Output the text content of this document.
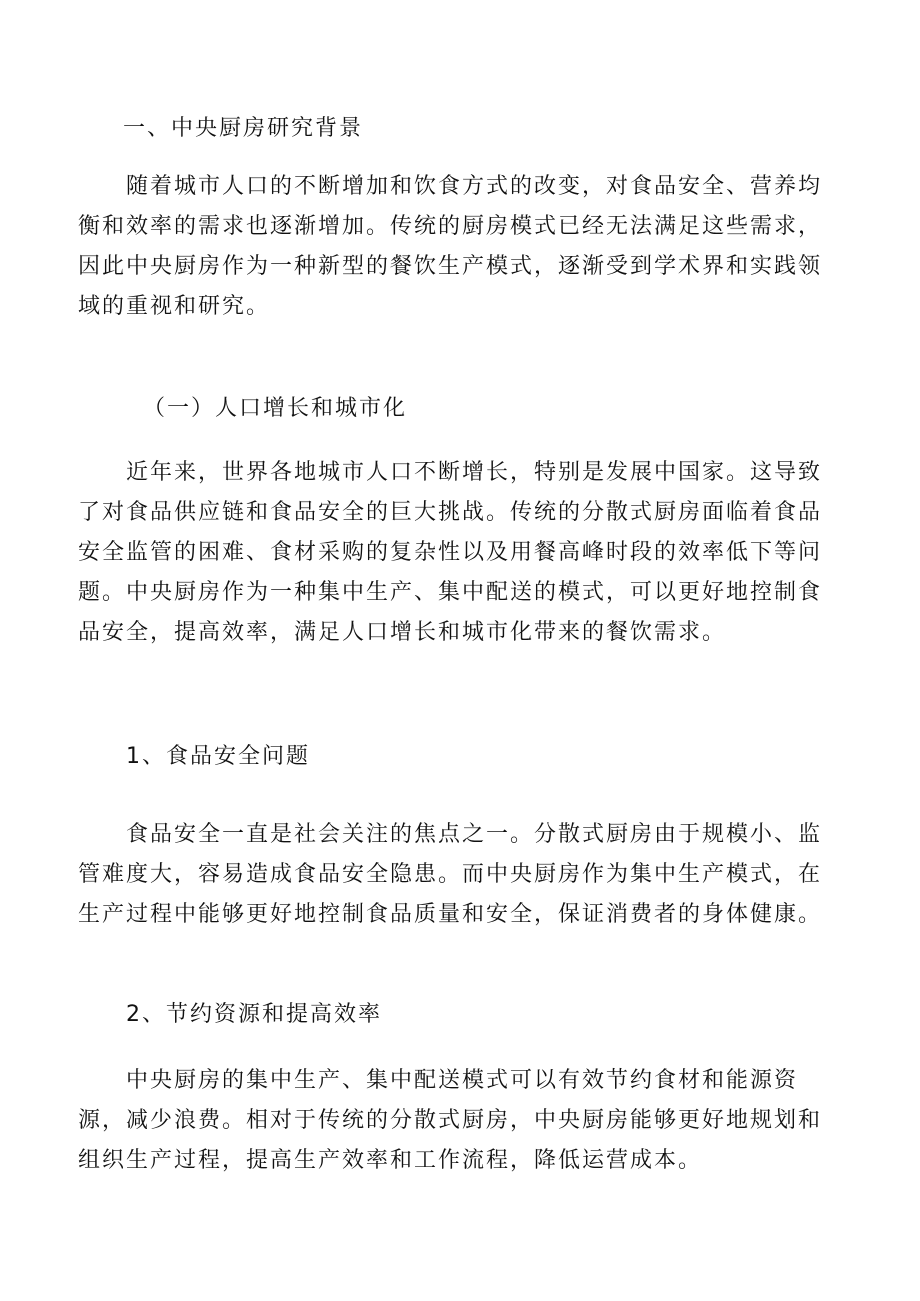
一、中央厨房研究背景

随着城市人口的不断增加和饮食方式的改变，对食品安全、营养均衡和效率的需求也逐渐增加。传统的厨房模式已经无法满足这些需求，因此中央厨房作为一种新型的餐饮生产模式，逐渐受到学术界和实践领域的重视和研究。

（一）人口增长和城市化

近年来，世界各地城市人口不断增长，特别是发展中国家。这导致了对食品供应链和食品安全的巨大挑战。传统的分散式厨房面临着食品安全监管的困难、食材采购的复杂性以及用餐高峰时段的效率低下等问题。中央厨房作为一种集中生产、集中配送的模式，可以更好地控制食品安全，提高效率，满足人口增长和城市化带来的餐饮需求。

1、食品安全问题

食品安全一直是社会关注的焦点之一。分散式厨房由于规模小、监管难度大，容易造成食品安全隐患。而中央厨房作为集中生产模式，在生产过程中能够更好地控制食品质量和安全，保证消费者的身体健康。

2、节约资源和提高效率

中央厨房的集中生产、集中配送模式可以有效节约食材和能源资源，减少浪费。相对于传统的分散式厨房，中央厨房能够更好地规划和组织生产过程，提高生产效率和工作流程，降低运营成本。
